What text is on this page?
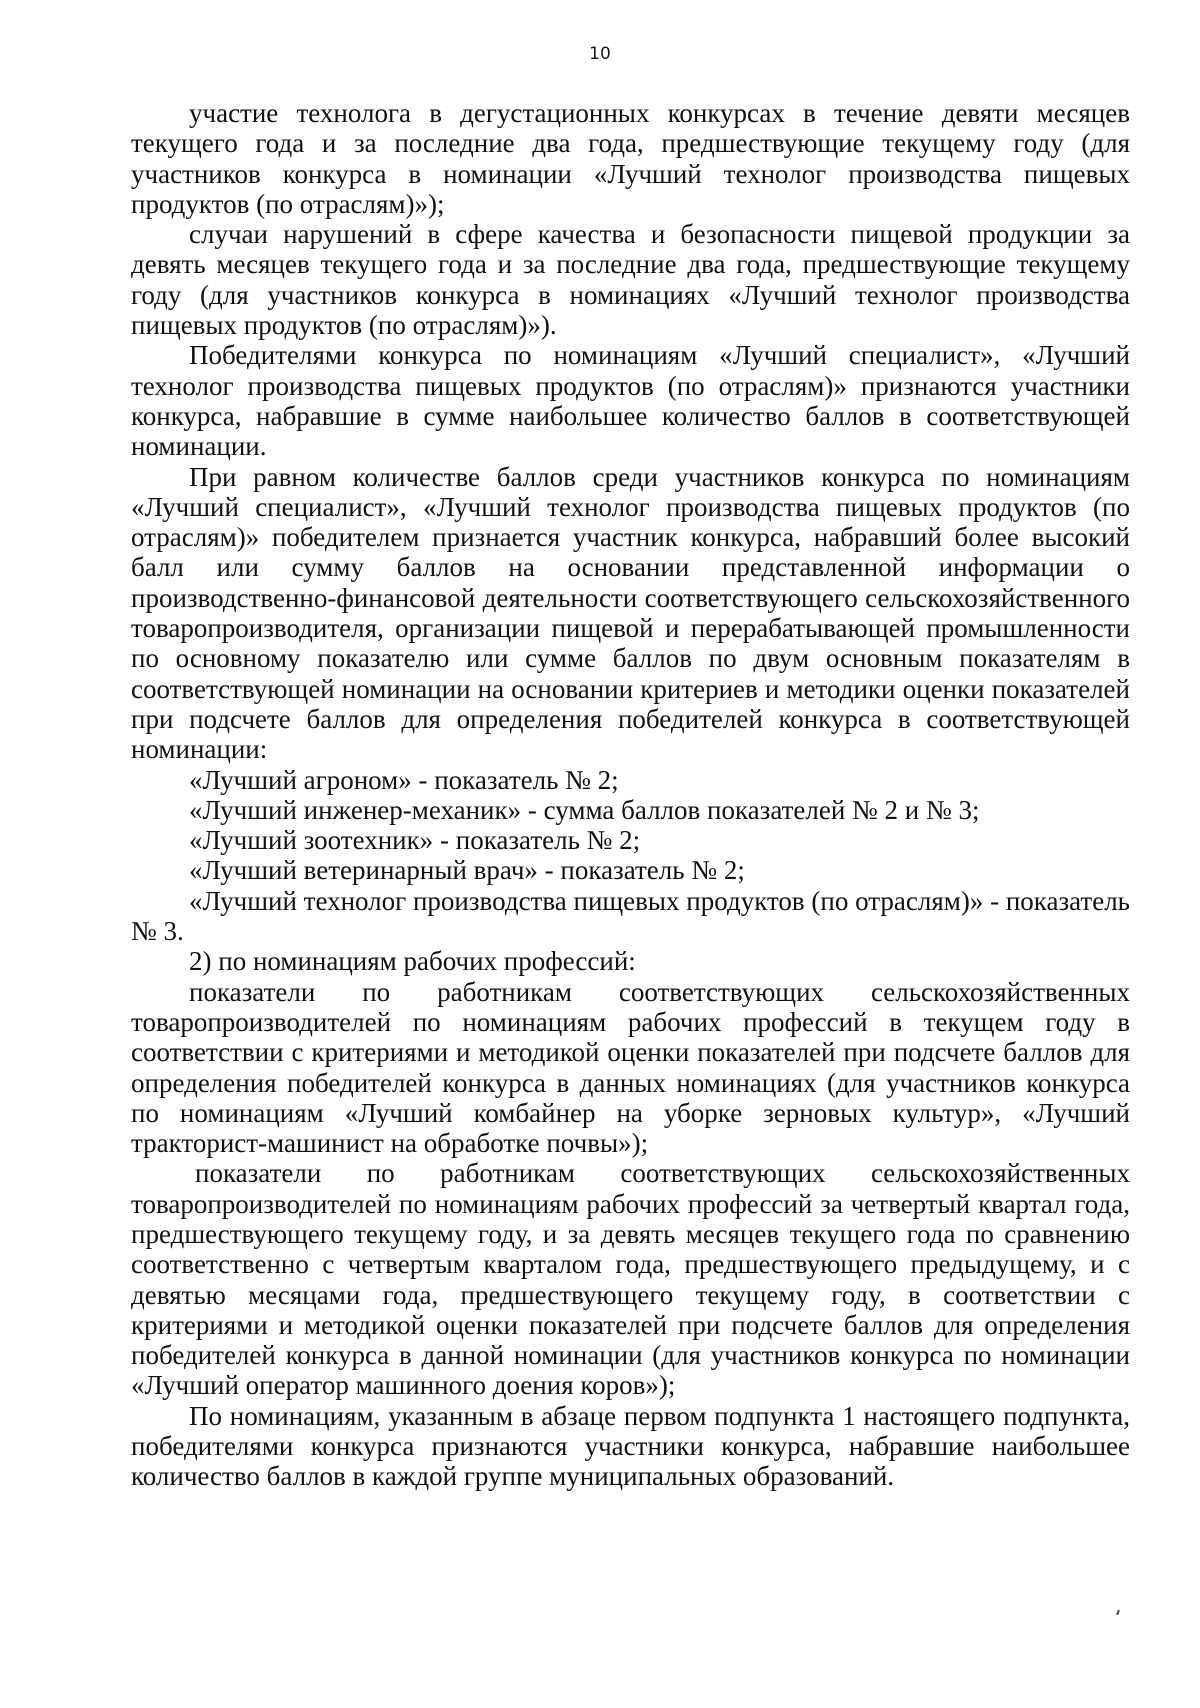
10

участие технолога в дегустационных конкурсах в течение девяти месяцев текущего года и за последние два года, предшествующие текущему году (для участников конкурса в номинации «Лучший технолог производства пищевых продуктов (по отраслям)»);

случаи нарушений в сфере качества и безопасности пищевой продукции за девять месяцев текущего года и за последние два года, предшествующие текущему году (для участников конкурса в номинациях «Лучший технолог производства пищевых продуктов (по отраслям)»).

Победителями конкурса по номинациям «Лучший специалист», «Лучший технолог производства пищевых продуктов (по отраслям)» признаются участники конкурса, набравшие в сумме наибольшее количество баллов в соответствующей номинации.

При равном количестве баллов среди участников конкурса по номинациям «Лучший специалист», «Лучший технолог производства пищевых продуктов (по отраслям)» победителем признается участник конкурса, набравший более высокий балл или сумму баллов на основании представленной информации о производственно-финансовой деятельности соответствующего сельскохозяйственного товаропроизводителя, организации пищевой и перерабатывающей промышленности по основному показателю или сумме баллов по двум основным показателям в соответствующей номинации на основании критериев и методики оценки показателей при подсчете баллов для определения победителей конкурса в соответствующей номинации:

«Лучший агроном» - показатель № 2;

«Лучший инженер-механик» - сумма баллов показателей № 2 и № 3;

«Лучший зоотехник» - показатель № 2;

«Лучший ветеринарный врач» - показатель № 2;

«Лучший технолог производства пищевых продуктов (по отраслям)» - показатель № 3.

2) по номинациям рабочих профессий:

показатели по работникам соответствующих сельскохозяйственных товаропроизводителей по номинациям рабочих профессий в текущем году в соответствии с критериями и методикой оценки показателей при подсчете баллов для определения победителей конкурса в данных номинациях (для участников конкурса по номинациям «Лучший комбайнер на уборке зерновых культур», «Лучший тракторист-машинист на обработке почвы»);

показатели по работникам соответствующих сельскохозяйственных товаропроизводителей по номинациям рабочих профессий за четвертый квартал года, предшествующего текущему году, и за девять месяцев текущего года по сравнению соответственно с четвертым кварталом года, предшествующего предыдущему, и с девятью месяцами года, предшествующего текущему году, в соответствии с критериями и методикой оценки показателей при подсчете баллов для определения победителей конкурса в данной номинации (для участников конкурса по номинации «Лучший оператор машинного доения коров»);

По номинациям, указанным в абзаце первом подпункта 1 настоящего подпункта, победителями конкурса признаются участники конкурса, набравшие наибольшее количество баллов в каждой группе муниципальных образований.
